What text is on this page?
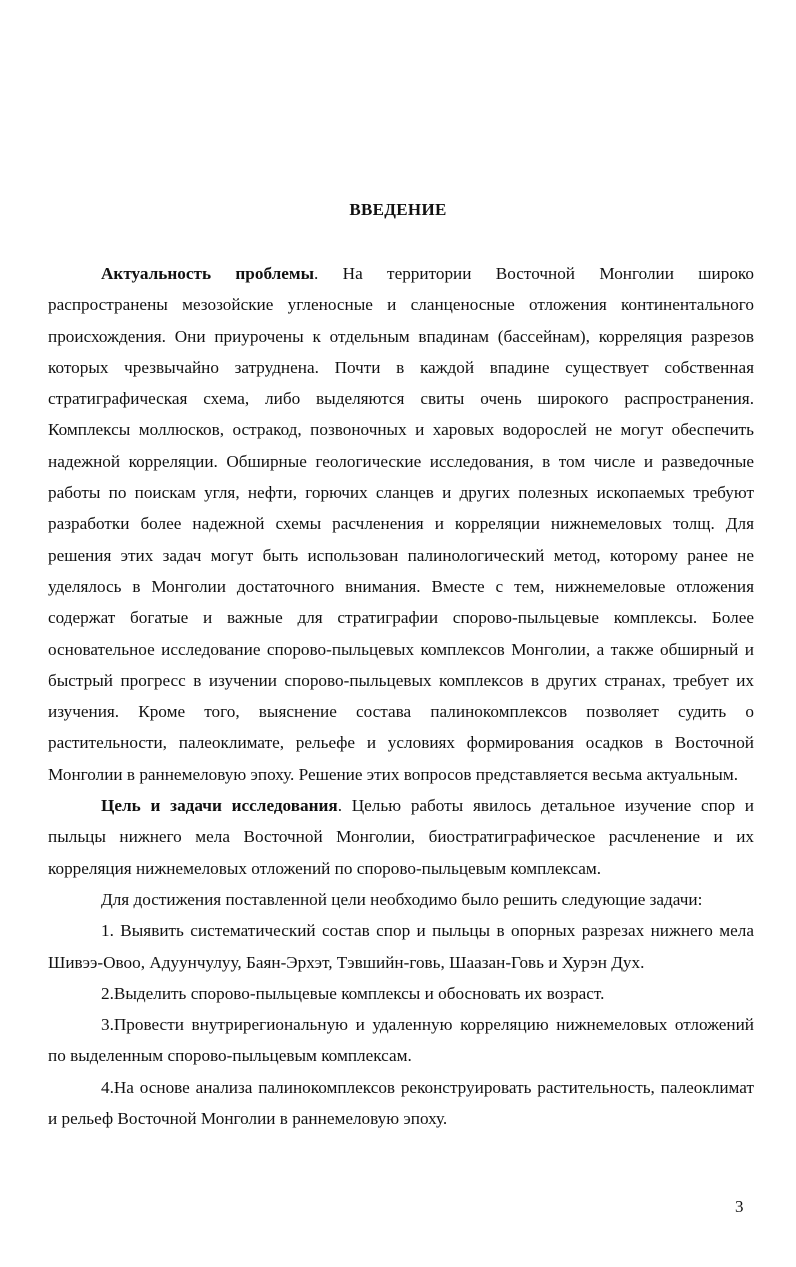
ВВЕДЕНИЕ

Актуальность проблемы. На территории Восточной Монголии широко распространены мезозойские угленосные и сланценосные отложения континентального происхождения. Они приурочены к отдельным впадинам (бассейнам), корреляция разрезов которых чрезвычайно затруднена. Почти в каждой впадине существует собственная стратиграфическая схема, либо выделяются свиты очень широкого распространения. Комплексы моллюсков, остракод, позвоночных и харовых водорослей не могут обеспечить надежной корреляции. Обширные геологические исследования, в том числе и разведочные работы по поискам угля, нефти, горючих сланцев и других полезных ископаемых требуют разработки более надежной схемы расчленения и корреляции нижнемеловых толщ. Для решения этих задач могут быть использован палинологический метод, которому ранее не уделялось в Монголии достаточного внимания. Вместе с тем, нижнемеловые отложения содержат богатые и важные для стратиграфии спорово-пыльцевые комплексы. Более основательное исследование спорово-пыльцевых комплексов Монголии, а также обширный и быстрый прогресс в изучении спорово-пыльцевых комплексов в других странах, требует их изучения. Кроме того, выяснение состава палинокомплексов позволяет судить о растительности, палеоклимате, рельефе и условиях формирования осадков в Восточной Монголии в раннемеловую эпоху. Решение этих вопросов представляется весьма актуальным.

Цель и задачи исследования. Целью работы явилось детальное изучение спор и пыльцы нижнего мела Восточной Монголии, биостратиграфическое расчленение и их корреляция нижнемеловых отложений по спорово-пыльцевым комплексам.

Для достижения поставленной цели необходимо было решить следующие задачи:

1. Выявить систематический состав спор и пыльцы в опорных разрезах нижнего мела Шивээ-Овоо, Адуунчулуу, Баян-Эрхэт, Тэвшийн-говь, Шаазан-Говь и Хурэн Дух.

2.Выделить спорово-пыльцевые комплексы и обосновать их возраст.

3.Провести внутрирегиональную и удаленную корреляцию нижнемеловых отложений по выделенным спорово-пыльцевым комплексам.

4.На основе анализа палинокомплексов реконструировать растительность, палеоклимат и рельеф Восточной Монголии в раннемеловую эпоху.

3
